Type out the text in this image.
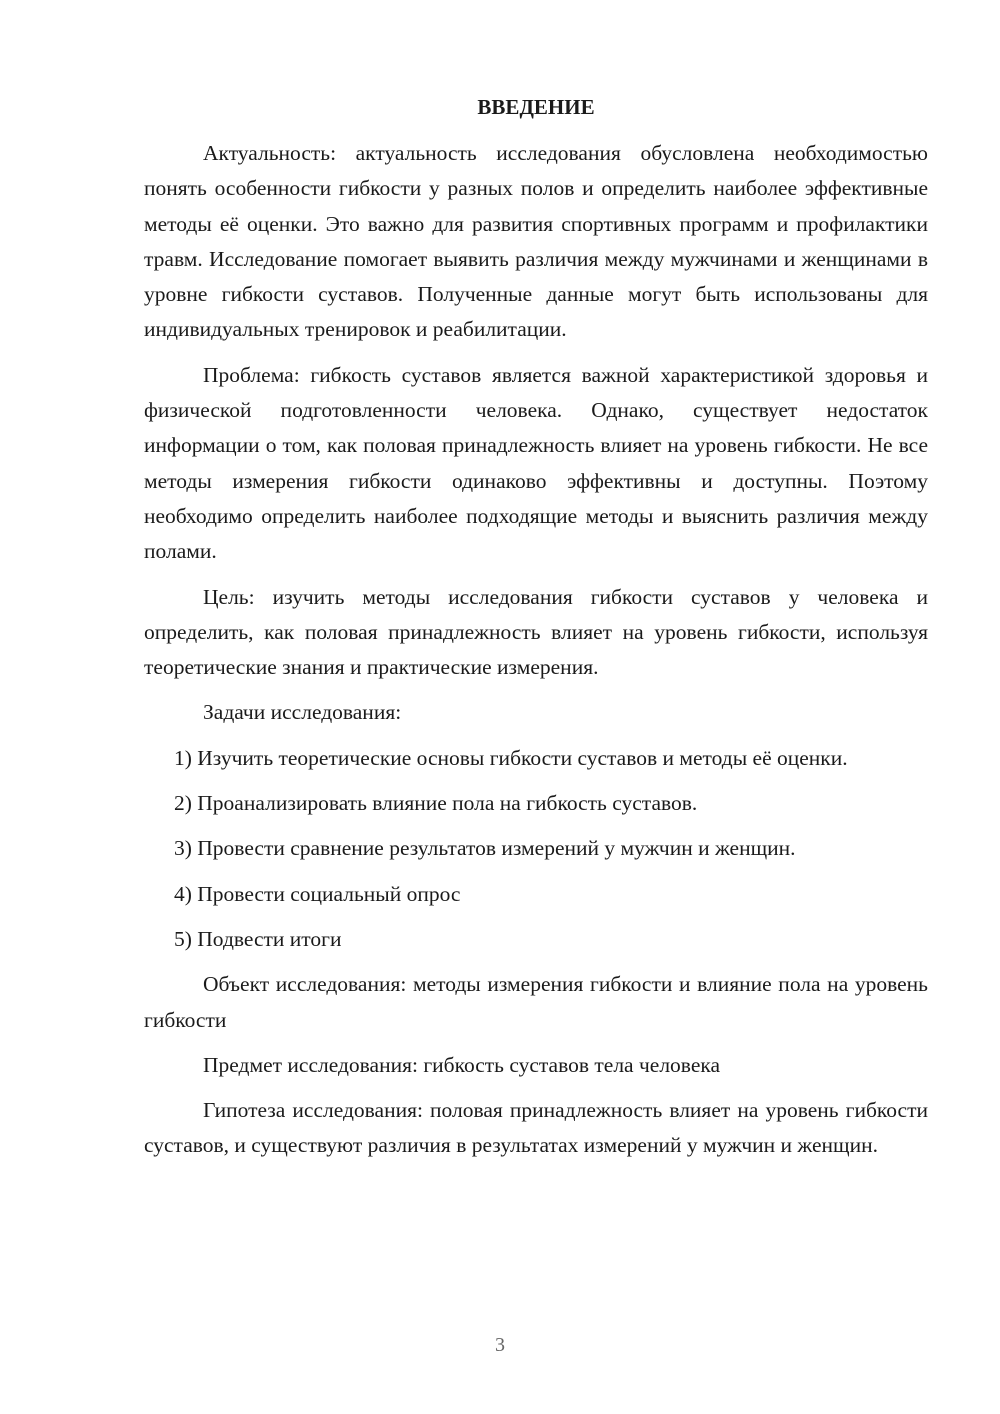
ВВЕДЕНИЕ

Актуальность: актуальность исследования обусловлена необходимостью понять особенности гибкости у разных полов и определить наиболее эффективные методы её оценки. Это важно для развития спортивных программ и профилактики травм. Исследование помогает выявить различия между мужчинами и женщинами в уровне гибкости суставов. Полученные данные могут быть использованы для индивидуальных тренировок и реабилитации.

Проблема: гибкость суставов является важной характеристикой здоровья и физической подготовленности человека. Однако, существует недостаток информации о том, как половая принадлежность влияет на уровень гибкости. Не все методы измерения гибкости одинаково эффективны и доступны. Поэтому необходимо определить наиболее подходящие методы и выяснить различия между полами.

Цель: изучить методы исследования гибкости суставов у человека и определить, как половая принадлежность влияет на уровень гибкости, используя теоретические знания и практические измерения.

Задачи исследования:

1) Изучить теоретические основы гибкости суставов и методы её оценки.

2) Проанализировать влияние пола на гибкость суставов.

3) Провести сравнение результатов измерений у мужчин и женщин.

4) Провести социальный опрос

5) Подвести итоги

Объект исследования: методы измерения гибкости и влияние пола на уровень гибкости

Предмет исследования: гибкость суставов тела человека

Гипотеза исследования: половая принадлежность влияет на уровень гибкости суставов, и существуют различия в результатах измерений у мужчин и женщин.

3
